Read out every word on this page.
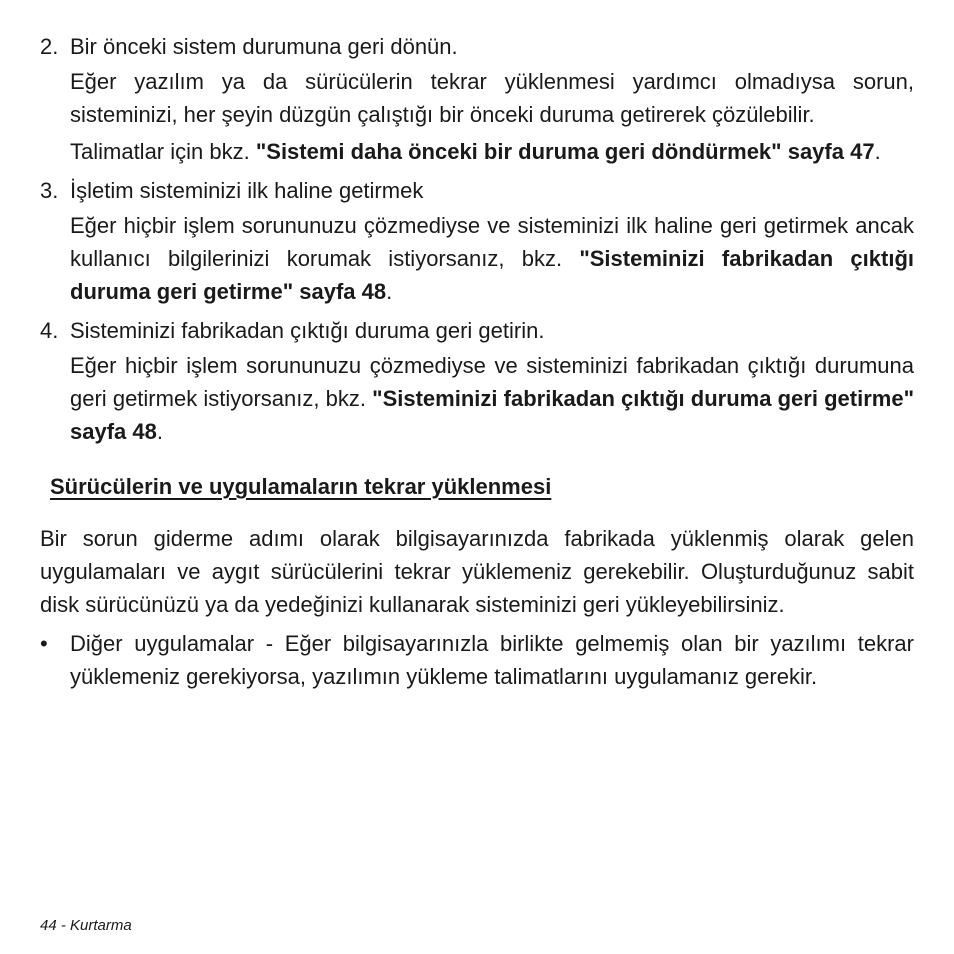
2. Bir önceki sistem durumuna geri dönün.
Eğer yazılım ya da sürücülerin tekrar yüklenmesi yardımcı olmadıysa sorun, sisteminizi, her şeyin düzgün çalıştığı bir önceki duruma getirerek çözülebilir.
Talimatlar için bkz. "Sistemi daha önceki bir duruma geri döndürmek" sayfa 47.
3. İşletim sisteminizi ilk haline getirmek
Eğer hiçbir işlem sorununuzu çözmediyse ve sisteminizi ilk haline geri getirmek ancak kullanıcı bilgilerinizi korumak istiyorsanız, bkz. "Sisteminizi fabrikadan çıktığı duruma geri getirme" sayfa 48.
4. Sisteminizi fabrikadan çıktığı duruma geri getirin.
Eğer hiçbir işlem sorununuzu çözmediyse ve sisteminizi fabrikadan çıktığı durumuna geri getirmek istiyorsanız, bkz. "Sisteminizi fabrikadan çıktığı duruma geri getirme" sayfa 48.
Sürücülerin ve uygulamaların tekrar yüklenmesi
Bir sorun giderme adımı olarak bilgisayarınızda fabrikada yüklenmiş olarak gelen uygulamaları ve aygıt sürücülerini tekrar yüklemeniz gerekebilir. Oluşturduğunuz sabit disk sürücünüzü ya da yedeğinizi kullanarak sisteminizi geri yükleyebilirsiniz.
•	Diğer uygulamalar - Eğer bilgisayarınızla birlikte gelmemiş olan bir yazılımı tekrar yüklemeniz gerekiyorsa, yazılımın yükleme talimatlarını uygulamanız gerekir.
44 - Kurtarma
